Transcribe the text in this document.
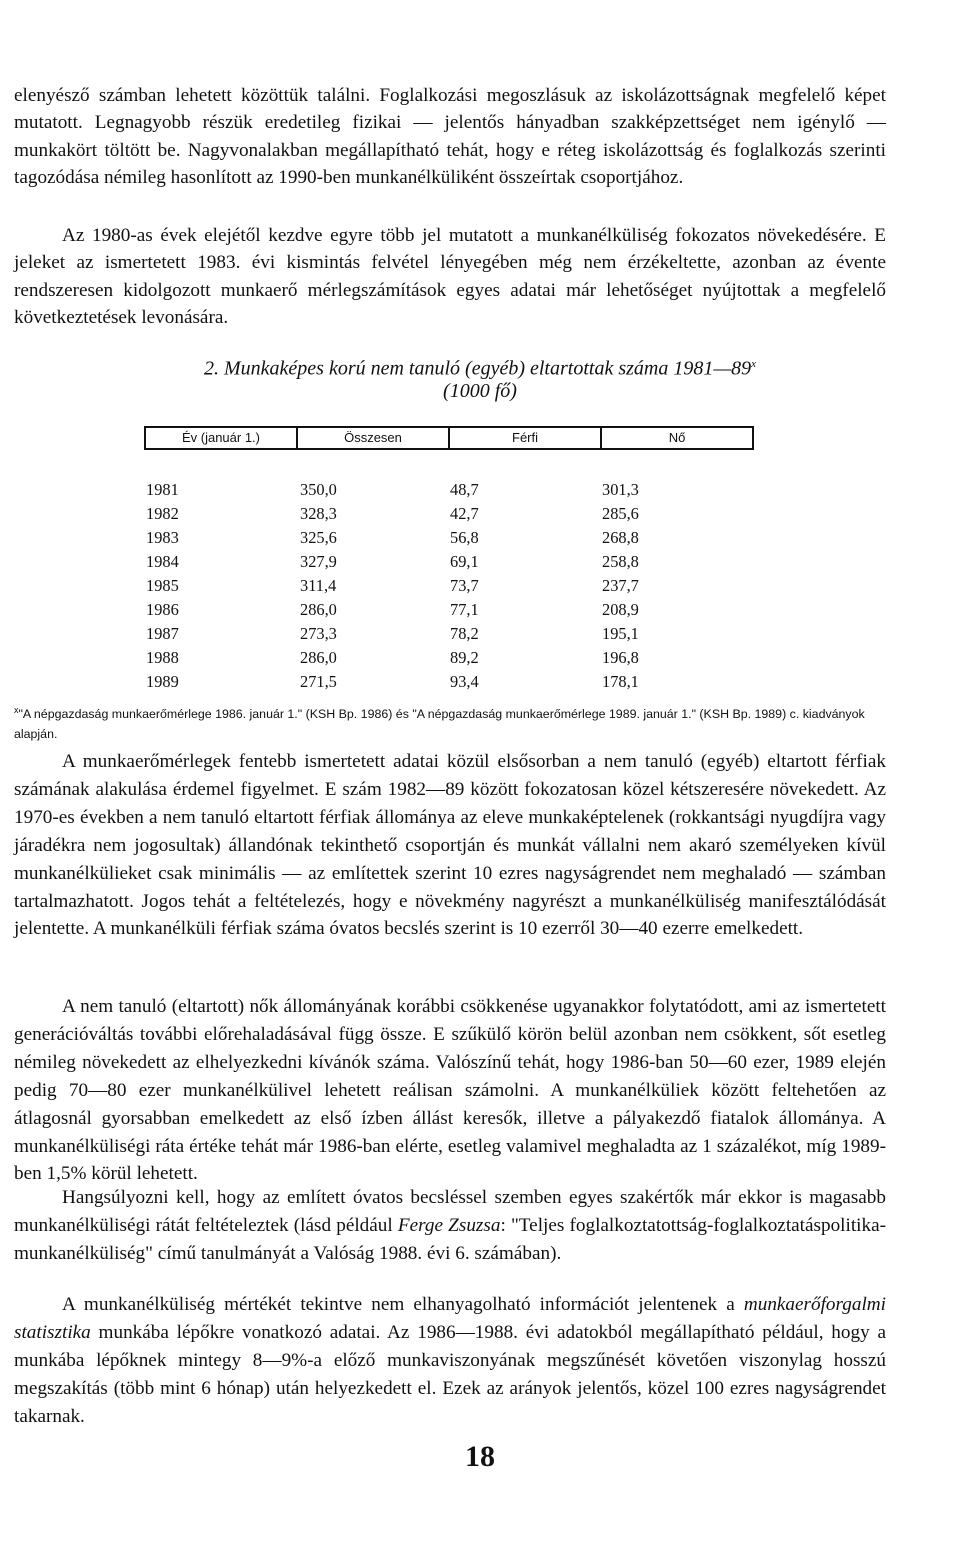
elenyésző számban lehetett közöttük találni. Foglalkozási megoszlásuk az iskolázottságnak megfelelő képet mutatott. Legnagyobb részük eredetileg fizikai — jelentős hányadban szakképzettséget nem igénylő — munkakört töltött be. Nagyvonalakban megállapítható tehát, hogy e réteg iskolázottság és foglalkozás szerinti tagozódása némileg hasonlított az 1990-ben munkanélküliként összeírtak csoportjához.

Az 1980-as évek elejétől kezdve egyre több jel mutatott a munkanélküliség fokozatos növekedésére. E jeleket az ismertetett 1983. évi kismintás felvétel lényegében még nem érzékeltette, azonban az évente rendszeresen kidolgozott munkaerő mérlegszámítások egyes adatai már lehetőséget nyújtottak a megfelelő következtetések levonására.

2. Munkaképes korú nem tanuló (egyéb) eltartottak száma 1981—89$^x$

(1000 fő)

Év (január 1.)	Összesen	Férfi	Nő
1981	350,0	48,7	301,3
1982	328,3	42,7	285,6
1983	325,6	56,8	268,8
1984	327,9	69,1	258,8
1985	311,4	73,7	237,7
1986	286,0	77,1	208,9
1987	273,3	78,2	195,1
1988	286,0	89,2	196,8
1989	271,5	93,4	178,1

$^x$"A népgazdaság munkaerőmérlege 1986. január 1." (KSH Bp. 1986) és "A népgazdaság munkaerőmérlege 1989. január 1." (KSH Bp. 1989) c. kiadványok alapján.

A munkaerőmérlegek fentebb ismertetett adatai közül elsősorban a nem tanuló (egyéb) eltartott férfiak számának alakulása érdemel figyelmet. E szám 1982—89 között fokozatosan közel kétszeresére növekedett. Az 1970-es években a nem tanuló eltartott férfiak állománya az eleve munkaképtelenek (rokkantsági nyugdíjra vagy járadékra nem jogosultak) állandónak tekinthető csoportján és munkát vállalni nem akaró személyeken kívül munkanélkülieket csak minimális — az említettek szerint 10 ezres nagyságrendet nem meghaladó — számban tartalmazhatott. Jogos tehát a feltételezés, hogy e növekmény nagyrészt a munkanélküliség manifesztálódását jelentette. A munkanélküli férfiak száma óvatos becslés szerint is 10 ezerről 30—40 ezerre emelkedett.

A nem tanuló (eltartott) nők állományának korábbi csökkenése ugyanakkor folytatódott, ami az ismertetett generációváltás további előrehaladásával függ össze. E szűkülő körön belül azonban nem csökkent, sőt esetleg némileg növekedett az elhelyezkedni kívánók száma. Valószínű tehát, hogy 1986-ban 50—60 ezer, 1989 elején pedig 70—80 ezer munkanélkülivel lehetett reálisan számolni. A munkanélküliek között feltehetően az átlagosnál gyorsabban emelkedett az első ízben állást keresők, illetve a pályakezdő fiatalok állománya. A munkanélküliségi ráta értéke tehát már 1986-ban elérte, esetleg valamivel meghaladta az 1 százalékot, míg 1989-ben 1,5% körül lehetett.

Hangsúlyozni kell, hogy az említett óvatos becsléssel szemben egyes szakértők már ekkor is magasabb munkanélküliségi rátát feltételeztek (lásd például Ferge Zsuzsa: "Teljes foglalkoztatottság-foglalkoztatáspolitika-munkanélküliség" című tanulmányát a Valóság 1988. évi 6. számában).

A munkanélküliség mértékét tekintve nem elhanyagolható információt jelentenek a munkaerőforgalmi statisztika munkába lépőkre vonatkozó adatai. Az 1986—1988. évi adatokból megállapítható például, hogy a munkába lépőknek mintegy 8—9%-a előző munkaviszonyának megszűnését követően viszonylag hosszú megszakítás (több mint 6 hónap) után helyezkedett el. Ezek az arányok jelentős, közel 100 ezres nagyságrendet takarnak.

18
